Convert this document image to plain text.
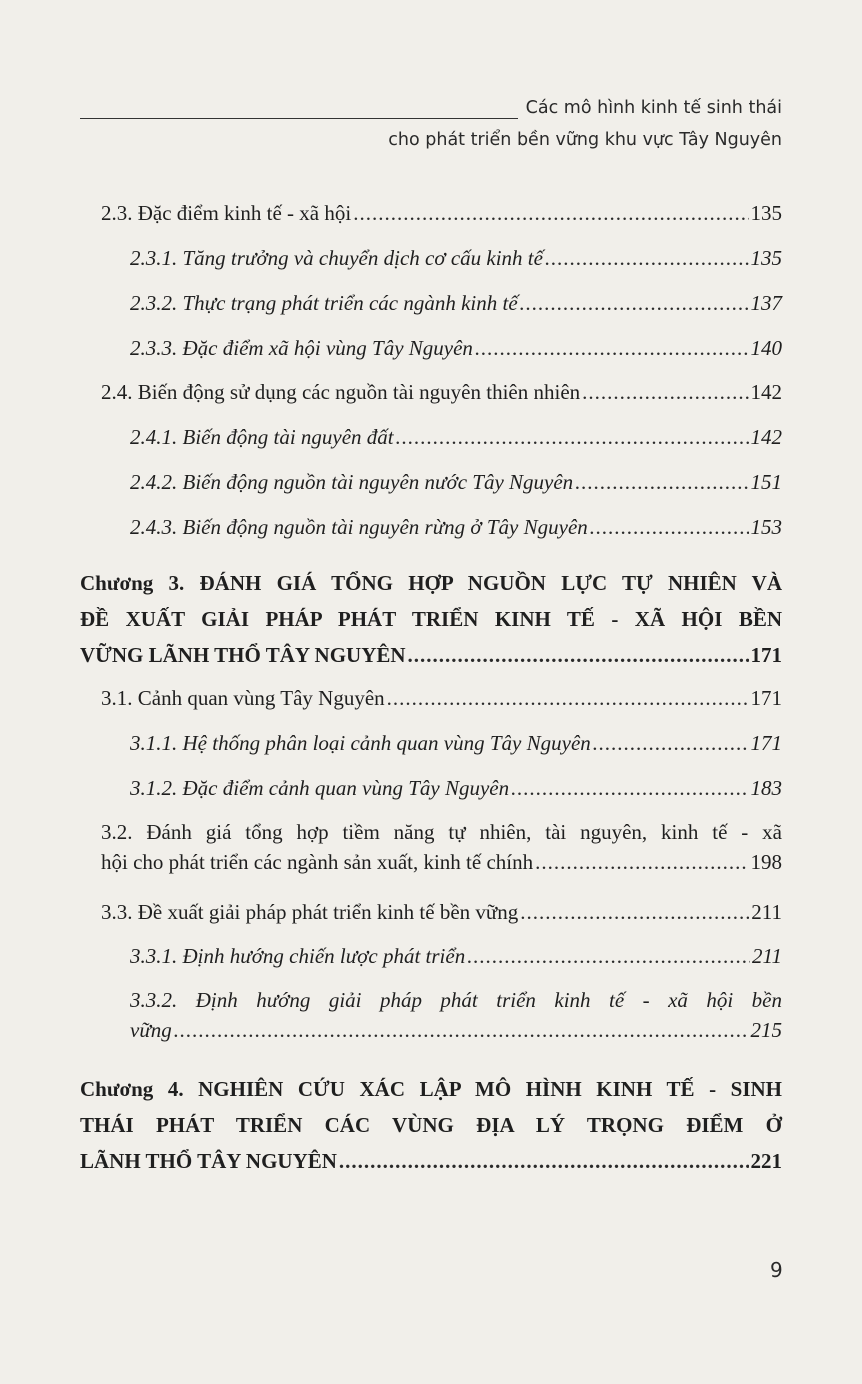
Các mô hình kinh tế sinh thái
cho phát triển bền vững khu vực Tây Nguyên
2.3. Đặc điểm kinh tế - xã hội .....	135
2.3.1. Tăng trưởng và chuyển dịch cơ cấu kinh tế .....	135
2.3.2. Thực trạng phát triển các ngành kinh tế .....	137
2.3.3. Đặc điểm xã hội vùng Tây Nguyên .....	140
2.4. Biến động sử dụng các nguồn tài nguyên thiên nhiên .....	142
2.4.1. Biến động tài nguyên đất .....	142
2.4.2. Biến động nguồn tài nguyên nước Tây Nguyên .....	151
2.4.3. Biến động nguồn tài nguyên rừng ở Tây Nguyên .....	153
Chương 3. ĐÁNH GIÁ TỔNG HỢP NGUỒN LỰC TỰ NHIÊN VÀ
ĐỀ XUẤT GIẢI PHÁP PHÁT TRIỂN KINH TẾ - XÃ HỘI BỀN
VỮNG LÃNH THỔ TÂY NGUYÊN .....	171
3.1. Cảnh quan vùng Tây Nguyên .....	171
3.1.1. Hệ thống phân loại cảnh quan vùng Tây Nguyên .....	171
3.1.2. Đặc điểm cảnh quan vùng Tây Nguyên .....	183
3.2. Đánh giá tổng hợp tiềm năng tự nhiên, tài nguyên, kinh tế - xã
hội cho phát triển các ngành sản xuất, kinh tế chính .....	198
3.3. Đề xuất giải pháp phát triển kinh tế bền vững .....	211
3.3.1. Định hướng chiến lược phát triển .....	211
3.3.2. Định hướng giải pháp phát triển kinh tế - xã hội bền
vững .....	215
Chương 4. NGHIÊN CỨU XÁC LẬP MÔ HÌNH KINH TẾ - SINH
THÁI PHÁT TRIỂN CÁC VÙNG ĐỊA LÝ TRỌNG ĐIỂM Ở
LÃNH THỔ TÂY NGUYÊN .....	221
9
